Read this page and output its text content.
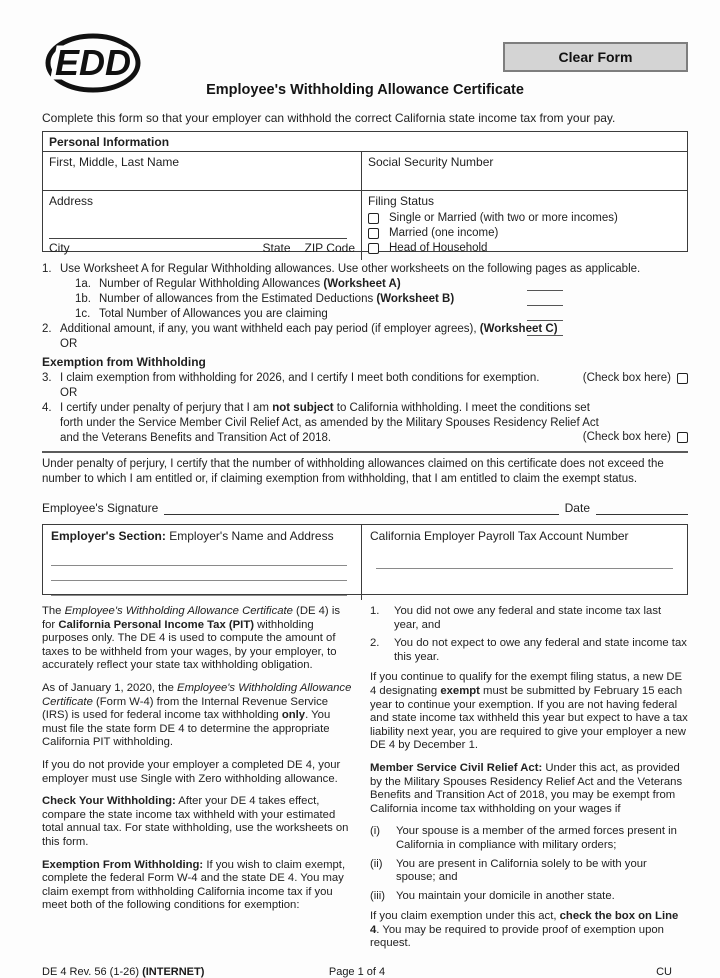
EDD	Clear Form
Employee's Withholding Allowance Certificate

Complete this form so that your employer can withhold the correct California state income tax from your pay.

Personal Information
First, Middle, Last Name	Social Security Number
Address
City	State ZIP Code
Filing Status
Single or Married (with two or more incomes)
Married (one income)
Head of Household
1. Use Worksheet A for Regular Withholding allowances. Use other worksheets on the following pages as applicable.
1a. Number of Regular Withholding Allowances (Worksheet A)
1b. Number of allowances from the Estimated Deductions (Worksheet B)
1c. Total Number of Allowances you are claiming
2. Additional amount, if any, you want withheld each pay period (if employer agrees), (Worksheet C)
OR
Exemption from Withholding
3. I claim exemption from withholding for 2026, and I certify I meet both conditions for exemption.	(Check box here)
OR
4. I certify under penalty of perjury that I am not subject to California withholding. I meet the conditions set forth under the Service Member Civil Relief Act, as amended by the Military Spouses Residency Relief Act and the Veterans Benefits and Transition Act of 2018.	(Check box here)

Under penalty of perjury, I certify that the number of withholding allowances claimed on this certificate does not exceed the number to which I am entitled or, if claiming exemption from withholding, that I am entitled to claim the exempt status.

Employee's Signature	Date
Employer's Section: Employer's Name and Address	California Employer Payroll Tax Account Number

The Employee's Withholding Allowance Certificate (DE 4) is for California Personal Income Tax (PIT) withholding purposes only. The DE 4 is used to compute the amount of taxes to be withheld from your wages, by your employer, to accurately reflect your state tax withholding obligation.

As of January 1, 2020, the Employee's Withholding Allowance Certificate (Form W-4) from the Internal Revenue Service (IRS) is used for federal income tax withholding only. You must file the state form DE 4 to determine the appropriate California PIT withholding.

If you do not provide your employer a completed DE 4, your employer must use Single with Zero withholding allowance.

Check Your Withholding: After your DE 4 takes effect, compare the state income tax withheld with your estimated total annual tax. For state withholding, use the worksheets on this form.

Exemption From Withholding: If you wish to claim exempt, complete the federal Form W-4 and the state DE 4. You may claim exempt from withholding California income tax if you meet both of the following conditions for exemption:

1.	You did not owe any federal and state income tax last year, and
2.	You do not expect to owe any federal and state income tax this year.

If you continue to qualify for the exempt filing status, a new DE 4 designating exempt must be submitted by February 15 each year to continue your exemption. If you are not having federal and state income tax withheld this year but expect to have a tax liability next year, you are required to give your employer a new DE 4 by December 1.

Member Service Civil Relief Act: Under this act, as provided by the Military Spouses Residency Relief Act and the Veterans Benefits and Transition Act of 2018, you may be exempt from California income tax withholding on your wages if

(i)	Your spouse is a member of the armed forces present in California in compliance with military orders;
(ii)	You are present in California solely to be with your spouse; and
(iii) You maintain your domicile in another state.

If you claim exemption under this act, check the box on Line 4. You may be required to provide proof of exemption upon request.

DE 4 Rev. 56 (1-26) (INTERNET)	Page 1 of 4	CU
